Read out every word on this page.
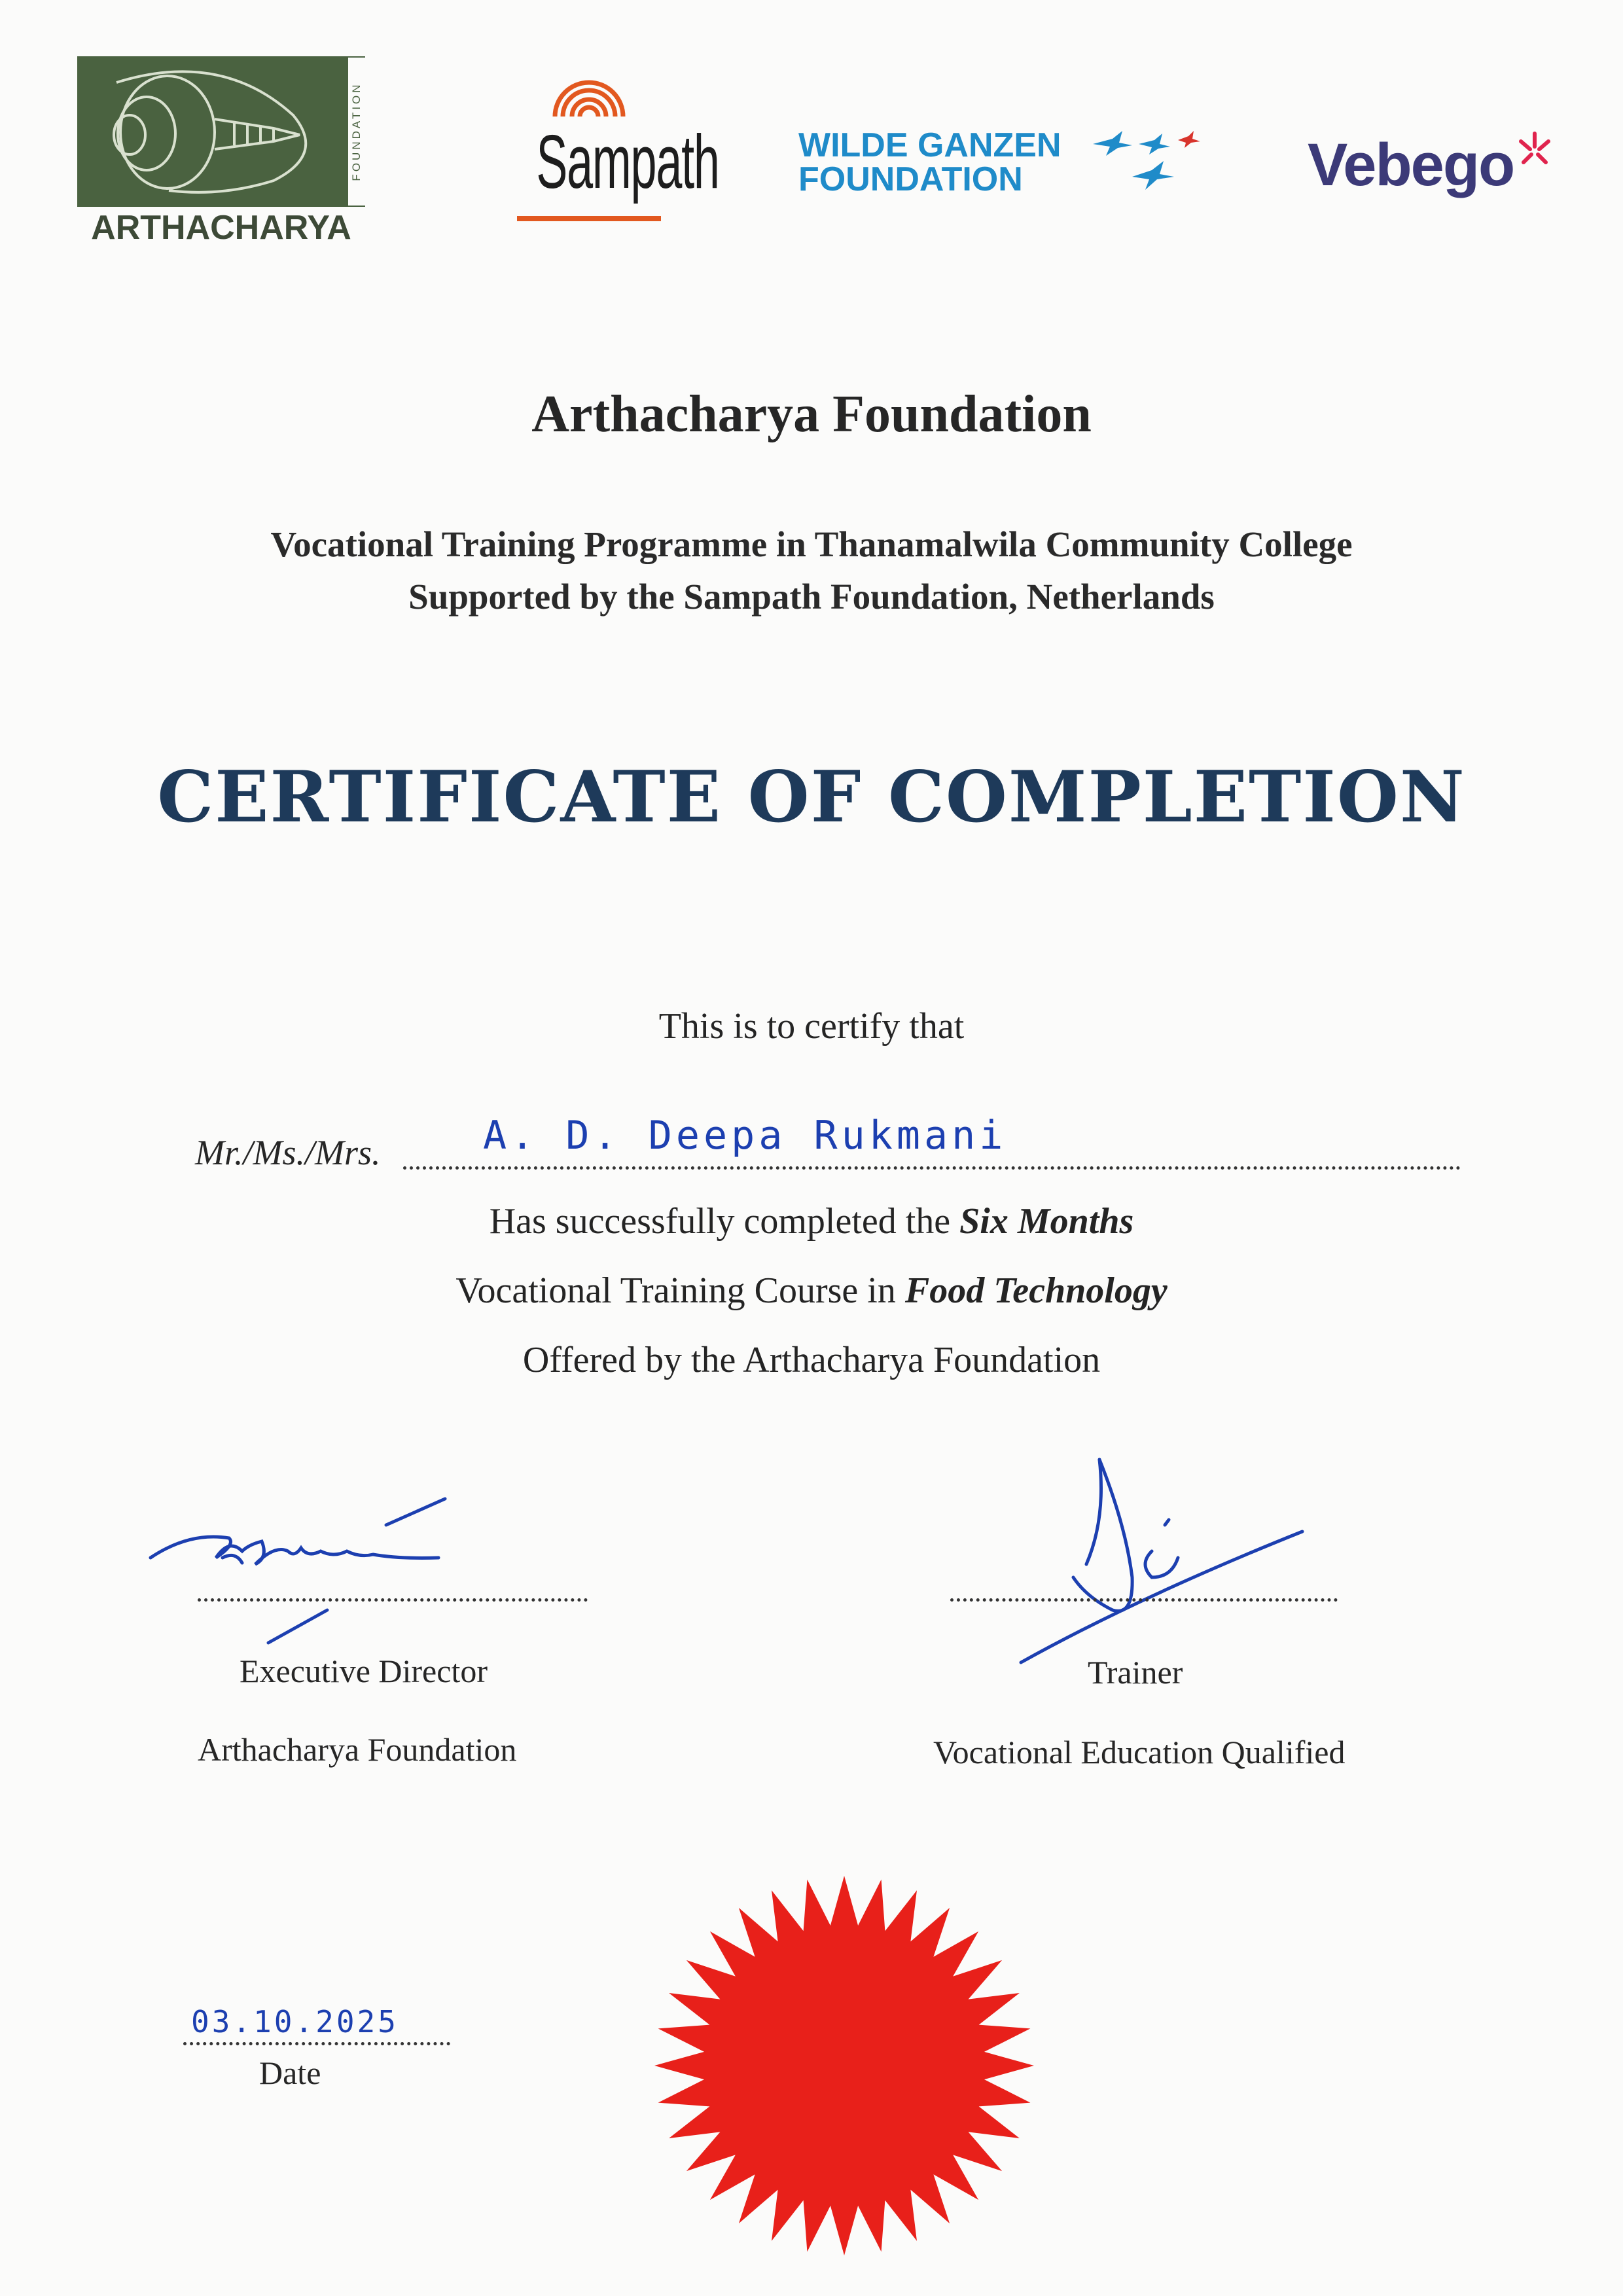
FOUNDATION
ARTHACHARYA
Sampath WILDE GANZEN
FOUNDATION	Vebego
Arthacharya Foundation
Vocational Training Programme in Thanamalwila Community College
Supported by the Sampath Foundation, Netherlands
CERTIFICATE OF COMPLETION
This is to certify that
Mr./Ms./Mrs.	A. D. Deepa Rukmani
Has successfully completed the Six Months
Vocational Training Course in Food Technology
Offered by the Arthacharya Foundation
Executive Director
Arthacharya Foundation
Trainer
Vocational Education Qualified
03.10.2025
Date
